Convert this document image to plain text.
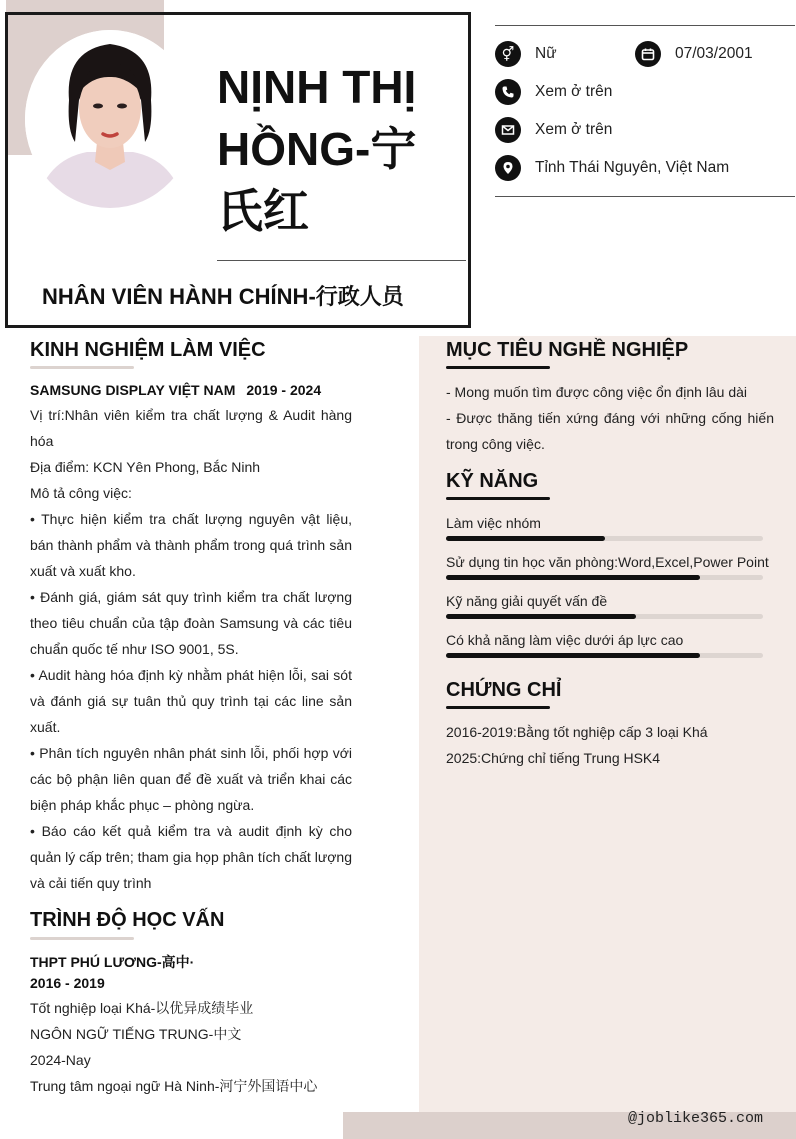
NỊNH THỊ HỒNG-宁氏红
NHÂN VIÊN HÀNH CHÍNH-行政人员
⚥	Nữ	07/03/2001
Xem ở trên
Xem ở trên
Tỉnh Thái Nguyên, Việt Nam
KINH NGHIỆM LÀM VIỆC
SAMSUNG DISPLAY VIỆT NAM 2019 - 2024
Vị trí:Nhân viên kiểm tra chất lượng & Audit hàng hóa
Địa điểm: KCN Yên Phong, Bắc Ninh
Mô tả công việc:
• Thực hiện kiểm tra chất lượng nguyên vật liệu, bán thành phẩm và thành phẩm trong quá trình sản xuất và xuất kho.
• Đánh giá, giám sát quy trình kiểm tra chất lượng theo tiêu chuẩn của tập đoàn Samsung và các tiêu chuẩn quốc tế như ISO 9001, 5S.
• Audit hàng hóa định kỳ nhằm phát hiện lỗi, sai sót và đánh giá sự tuân thủ quy trình tại các line sản xuất.
• Phân tích nguyên nhân phát sinh lỗi, phối hợp với các bộ phận liên quan để đề xuất và triển khai các biện pháp khắc phục – phòng ngừa.
• Báo cáo kết quả kiểm tra và audit định kỳ cho quản lý cấp trên; tham gia họp phân tích chất lượng và cải tiến quy trình
TRÌNH ĐỘ HỌC VẤN
THPT PHÚ LƯƠNG-高中·
2016 - 2019
Tốt nghiệp loại Khá-以优异成绩毕业
NGÔN NGỮ TIẾNG TRUNG-中文
2024-Nay
Trung tâm ngoại ngữ Hà Ninh-河宁外国语中心
MỤC TIÊU NGHỀ NGHIỆP
- Mong muốn tìm được công việc ổn định lâu dài
- Được thăng tiến xứng đáng với những cống hiến trong công việc.
KỸ NĂNG
Làm việc nhóm
Sử dụng tin học văn phòng:Word,Excel,Power Point
Kỹ năng giải quyết vấn đề
Có khả năng làm việc dưới áp lực cao
CHỨNG CHỈ
2016-2019:Bằng tốt nghiệp cấp 3 loại Khá
2025:Chứng chỉ tiếng Trung HSK4
@joblike365.com
